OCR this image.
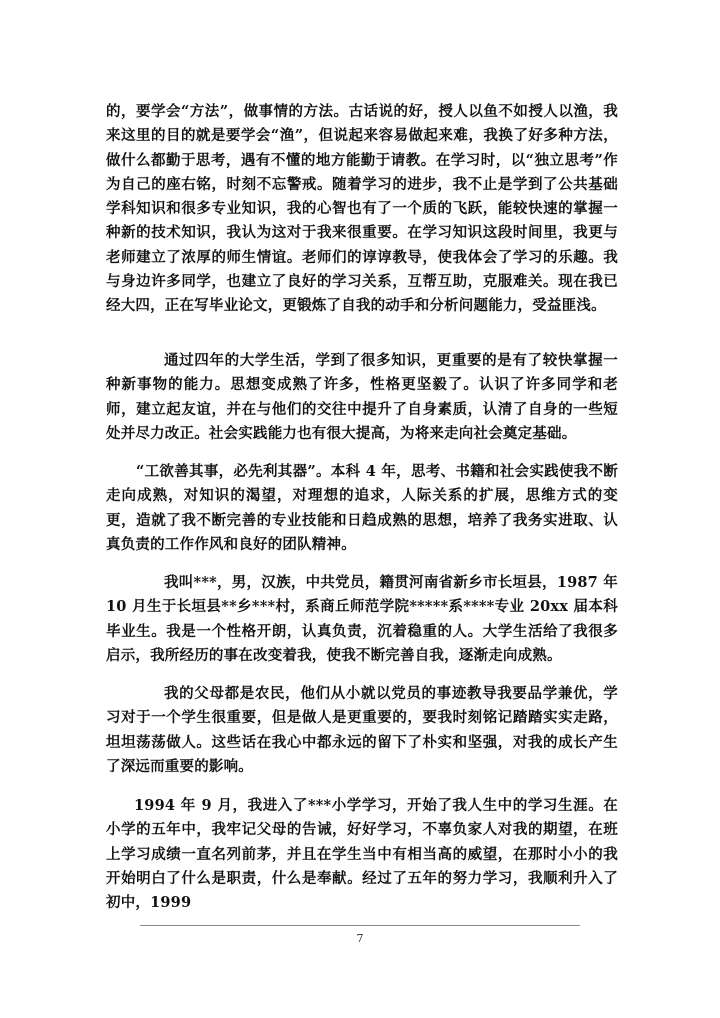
的，要学会“方法”，做事情的方法。古话说的好，授人以鱼不如授人以渔，我来这里的目的就是要学会“渔”，但说起来容易做起来难，我换了好多种方法，做什么都勤于思考，遇有不懂的地方能勤于请教。在学习时，以“独立思考”作为自己的座右铭，时刻不忘警戒。随着学习的进步，我不止是学到了公共基础学科知识和很多专业知识，我的心智也有了一个质的飞跃，能较快速的掌握一种新的技术知识，我认为这对于我来很重要。在学习知识这段时间里，我更与老师建立了浓厚的师生情谊。老师们的谆谆教导，使我体会了学习的乐趣。我与身边许多同学，也建立了良好的学习关系，互帮互助，克服难关。现在我已经大四，正在写毕业论文，更锻炼了自我的动手和分析问题能力，受益匪浅。

通过四年的大学生活，学到了很多知识，更重要的是有了较快掌握一种新事物的能力。思想变成熟了许多，性格更坚毅了。认识了许多同学和老师，建立起友谊，并在与他们的交往中提升了自身素质，认清了自身的一些短处并尽力改正。社会实践能力也有很大提高，为将来走向社会奠定基础。

“工欲善其事，必先利其器”。本科 4 年，思考、书籍和社会实践使我不断走向成熟，对知识的渴望，对理想的追求，人际关系的扩展，思维方式的变更，造就了我不断完善的专业技能和日趋成熟的思想，培养了我务实进取、认真负责的工作作风和良好的团队精神。

我叫***，男，汉族，中共党员，籍贯河南省新乡市长垣县，1987 年 10 月生于长垣县**乡***村，系商丘师范学院*****系****专业 20xx 届本科毕业生。我是一个性格开朗，认真负责，沉着稳重的人。大学生活给了我很多启示，我所经历的事在改变着我，使我不断完善自我，逐渐走向成熟。

我的父母都是农民，他们从小就以党员的事迹教导我要品学兼优，学习对于一个学生很重要，但是做人是更重要的，要我时刻铭记踏踏实实走路，坦坦荡荡做人。这些话在我心中都永远的留下了朴实和坚强，对我的成长产生了深远而重要的影响。

1994 年 9 月，我进入了***小学学习，开始了我人生中的学习生涯。在小学的五年中，我牢记父母的告诫，好好学习，不辜负家人对我的期望，在班上学习成绩一直名列前茅，并且在学生当中有相当高的威望，在那时小小的我开始明白了什么是职责，什么是奉献。经过了五年的努力学习，我顺利升入了初中，1999

7
